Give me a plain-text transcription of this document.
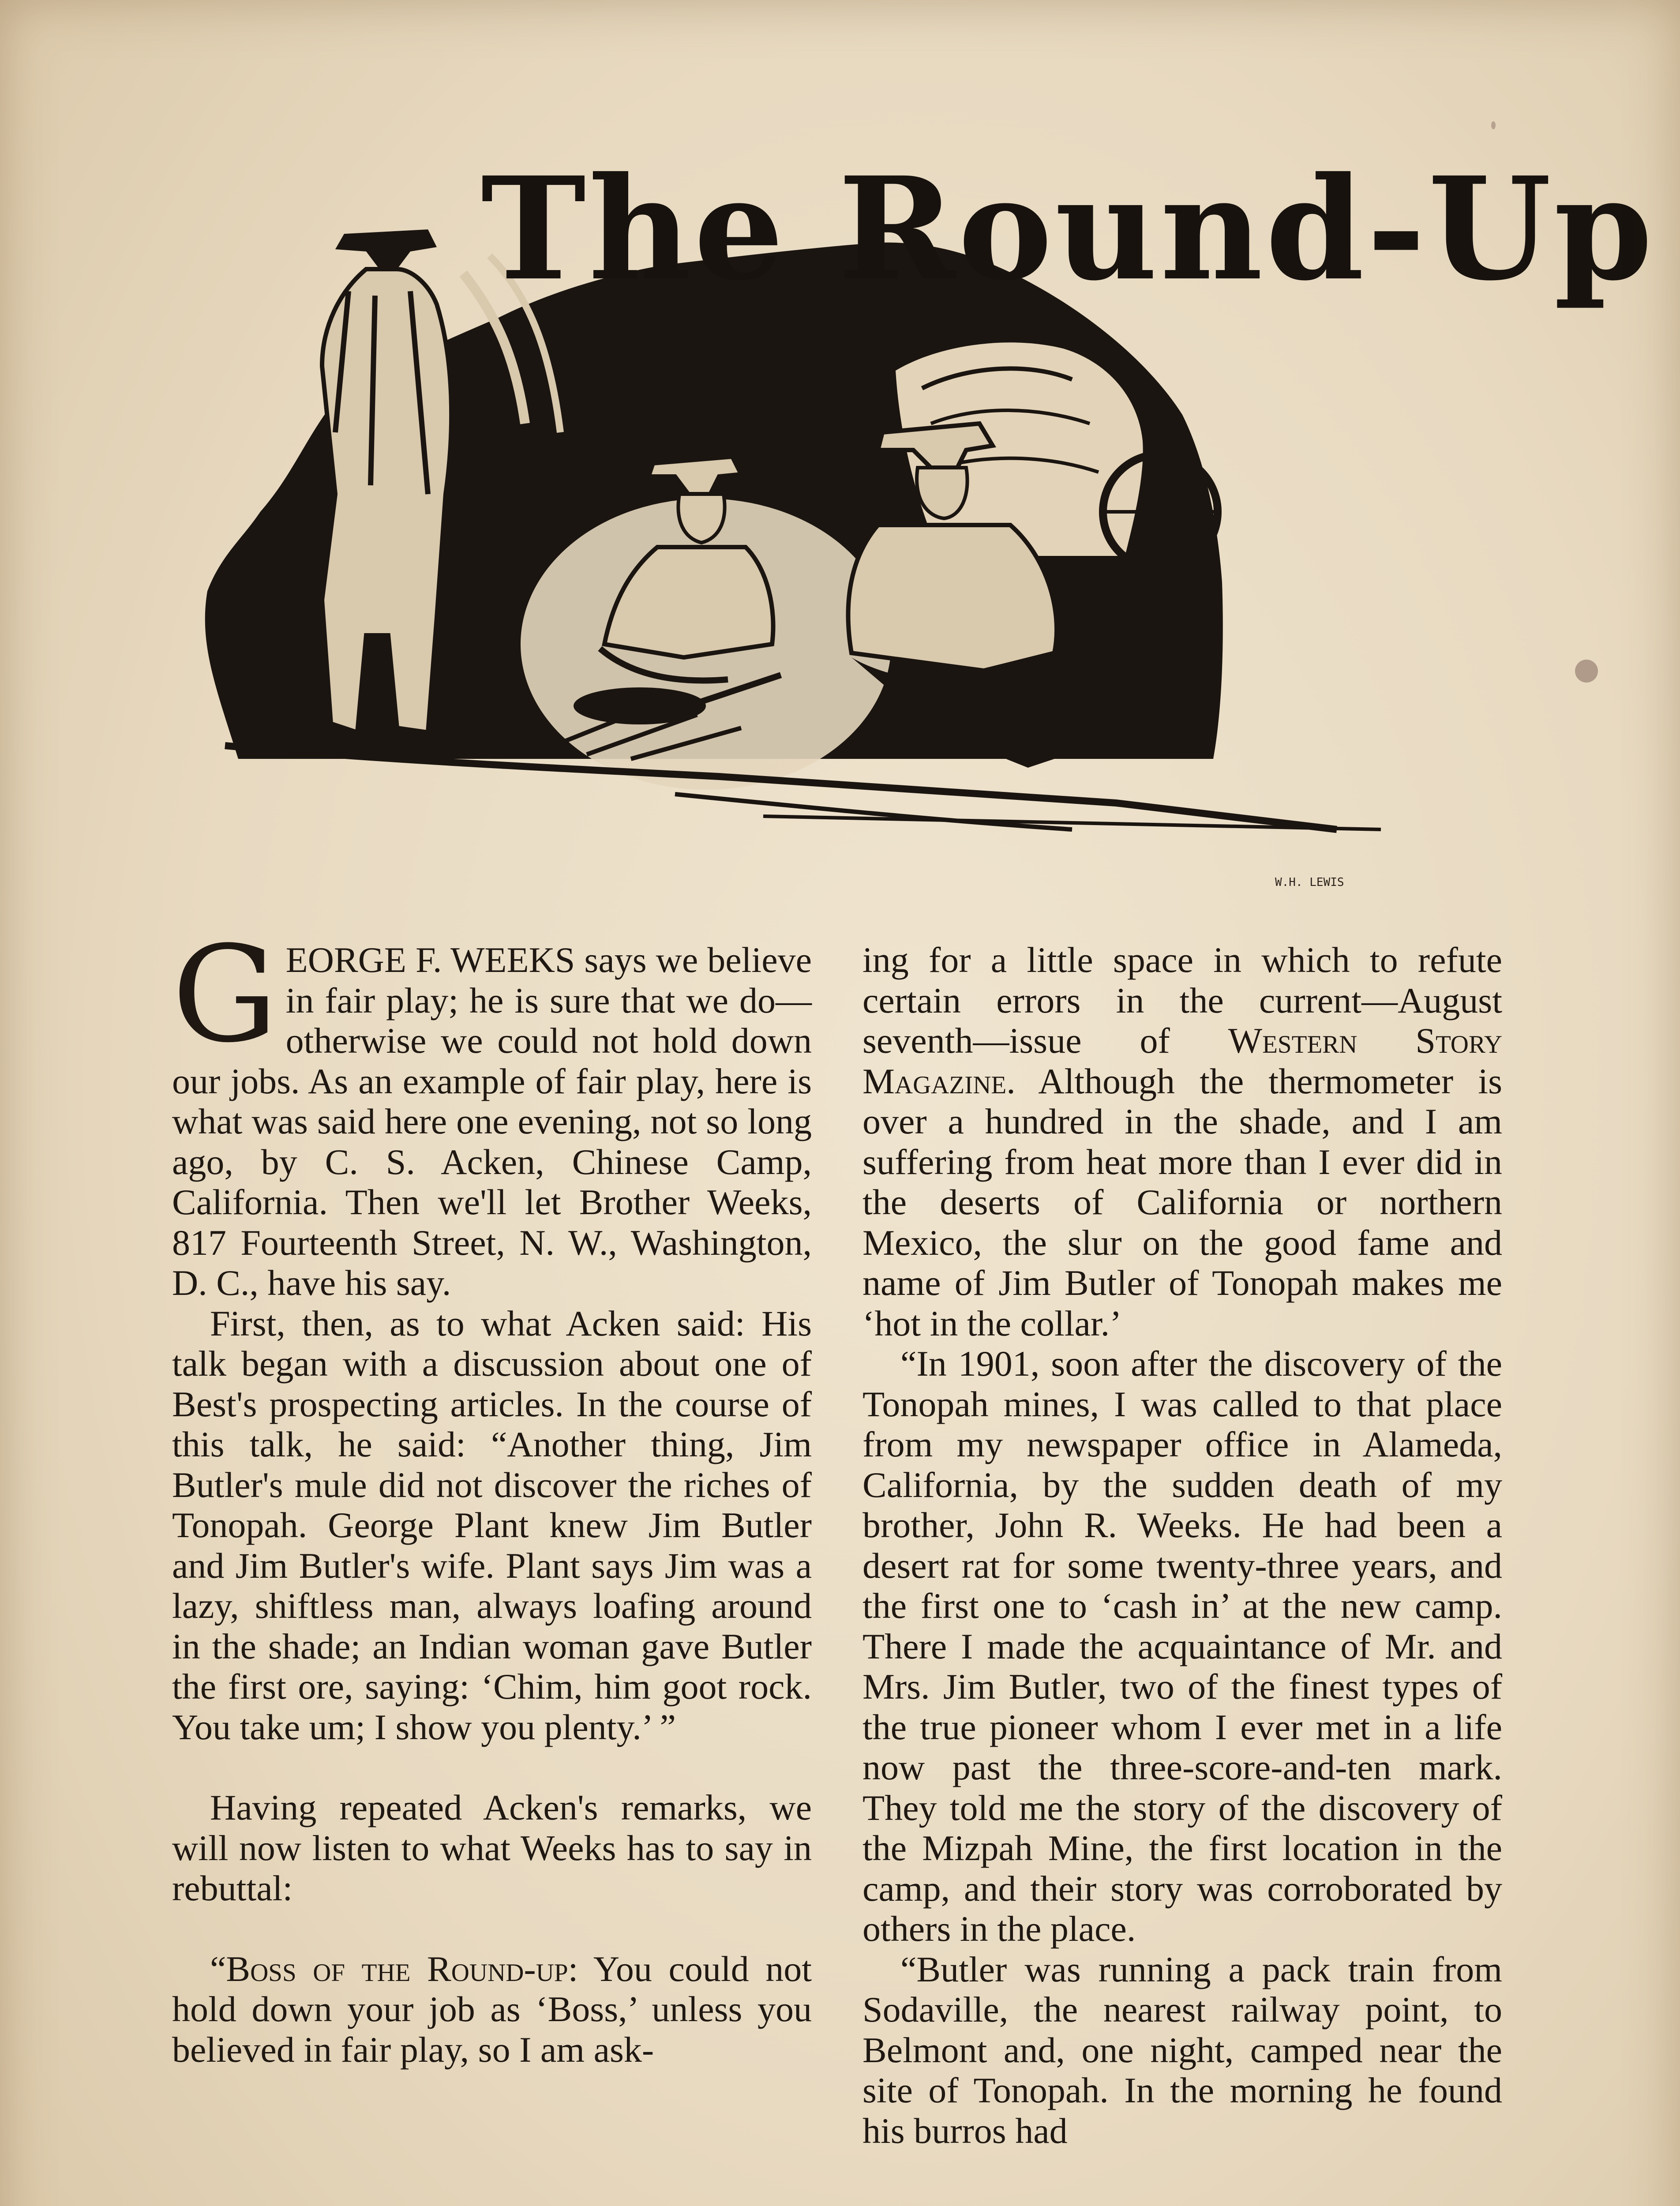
The Round-Up
W.H. LEWIS

GEORGE F. WEEKS says we believe in fair play; he is sure that we do—otherwise we could not hold down our jobs. As an example of fair play, here is what was said here one evening, not so long ago, by C. S. Acken, Chinese Camp, California. Then we'll let Brother Weeks, 817 Fourteenth Street, N. W., Washington, D. C., have his say.

First, then, as to what Acken said: His talk began with a discussion about one of Best's prospecting articles. In the course of this talk, he said: “Another thing, Jim Butler's mule did not discover the riches of Tonopah. George Plant knew Jim Butler and Jim Butler's wife. Plant says Jim was a lazy, shiftless man, always loafing around in the shade; an Indian woman gave Butler the first ore, saying: ‘Chim, him goot rock. You take um; I show you plenty.’ ”

Having repeated Acken's remarks, we will now listen to what Weeks has to say in rebuttal:

“Boss of the Round-up: You could not hold down your job as ‘Boss,’ unless you believed in fair play, so I am ask-

ing for a little space in which to refute certain errors in the current—August seventh—issue of Western Story Magazine. Although the thermometer is over a hundred in the shade, and I am suffering from heat more than I ever did in the deserts of California or northern Mexico, the slur on the good fame and name of Jim Butler of Tonopah makes me ‘hot in the collar.’

“In 1901, soon after the discovery of the Tonopah mines, I was called to that place from my newspaper office in Alameda, California, by the sudden death of my brother, John R. Weeks. He had been a desert rat for some twenty-three years, and the first one to ‘cash in’ at the new camp. There I made the acquaintance of Mr. and Mrs. Jim Butler, two of the finest types of the true pioneer whom I ever met in a life now past the three-score-and-ten mark. They told me the story of the discovery of the Mizpah Mine, the first location in the camp, and their story was corroborated by others in the place.

“Butler was running a pack train from Sodaville, the nearest railway point, to Belmont and, one night, camped near the site of Tonopah. In the morning he found his burros had
